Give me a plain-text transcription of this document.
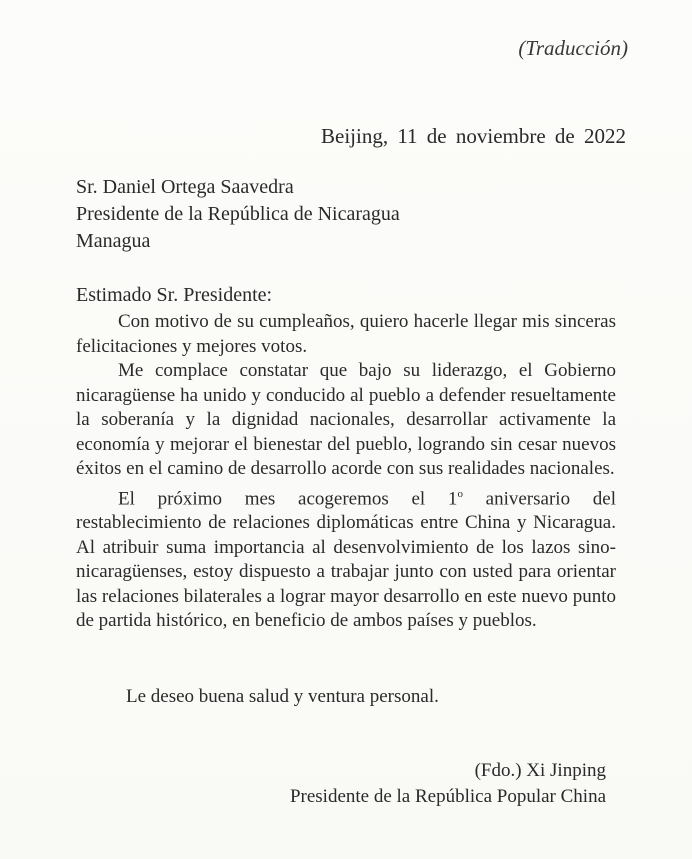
(Traducción)
Beijing, 11 de noviembre de 2022
Sr. Daniel Ortega Saavedra
Presidente de la República de Nicaragua
Managua
Estimado Sr. Presidente:

Con motivo de su cumpleaños, quiero hacerle llegar mis sinceras felicitaciones y mejores votos.

Me complace constatar que bajo su liderazgo, el Gobierno nicaragüense ha unido y conducido al pueblo a defender resueltamente la soberanía y la dignidad nacionales, desarrollar activamente la economía y mejorar el bienestar del pueblo, logrando sin cesar nuevos éxitos en el camino de desarrollo acorde con sus realidades nacionales.

El próximo mes acogeremos el 1$^o$ aniversario del restablecimiento de relaciones diplomáticas entre China y Nicaragua. Al atribuir suma importancia al desenvolvimiento de los lazos sino-nicaragüenses, estoy dispuesto a trabajar junto con usted para orientar las relaciones bilaterales a lograr mayor desarrollo en este nuevo punto de partida histórico, en beneficio de ambos países y pueblos.

Le deseo buena salud y ventura personal.
(Fdo.) Xi Jinping
Presidente de la República Popular China
